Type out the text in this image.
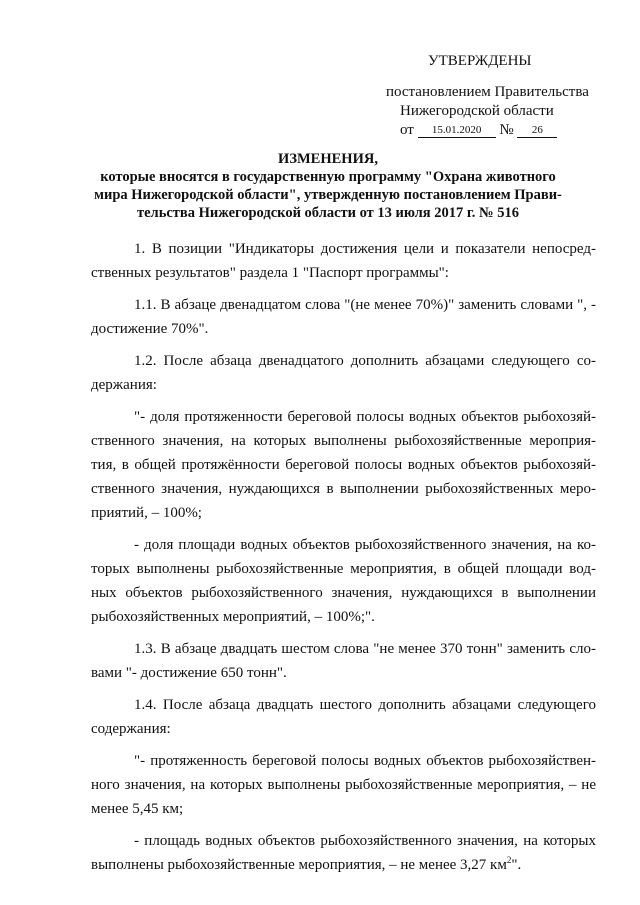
УТВЕРЖДЕНЫ
постановлением Правительства
Нижегородской области
от 15.01.2020 № 26
ИЗМЕНЕНИЯ,
которые вносятся в государственную программу "Охрана животного
мира Нижегородской области", утвержденную постановлением Прави-
тельства Нижегородской области от 13 июля 2017 г. № 516

1. В позиции "Индикаторы достижения цели и показатели непосред-ственных результатов" раздела 1 "Паспорт программы":

1.1. В абзаце двенадцатом слова "(не менее 70%)" заменить словами ", - достижение 70%".

1.2. После абзаца двенадцатого дополнить абзацами следующего со-держания:

"- доля протяженности береговой полосы водных объектов рыбохозяй-ственного значения, на которых выполнены рыбохозяйственные мероприя-тия, в общей протяжённости береговой полосы водных объектов рыбохозяй-ственного значения, нуждающихся в выполнении рыбохозяйственных меро-приятий, – 100%;

- доля площади водных объектов рыбохозяйственного значения, на ко-торых выполнены рыбохозяйственные мероприятия, в общей площади вод-ных объектов рыбохозяйственного значения, нуждающихся в выполнении рыбохозяйственных мероприятий, – 100%;".

1.3. В абзаце двадцать шестом слова "не менее 370 тонн" заменить сло-вами "- достижение 650 тонн".

1.4. После абзаца двадцать шестого дополнить абзацами следующего содержания:

"- протяженность береговой полосы водных объектов рыбохозяйствен-ного значения, на которых выполнены рыбохозяйственные мероприятия, – не менее 5,45 км;

- площадь водных объектов рыбохозяйственного значения, на которых выполнены рыбохозяйственные мероприятия, – не менее 3,27 $км^2$".
